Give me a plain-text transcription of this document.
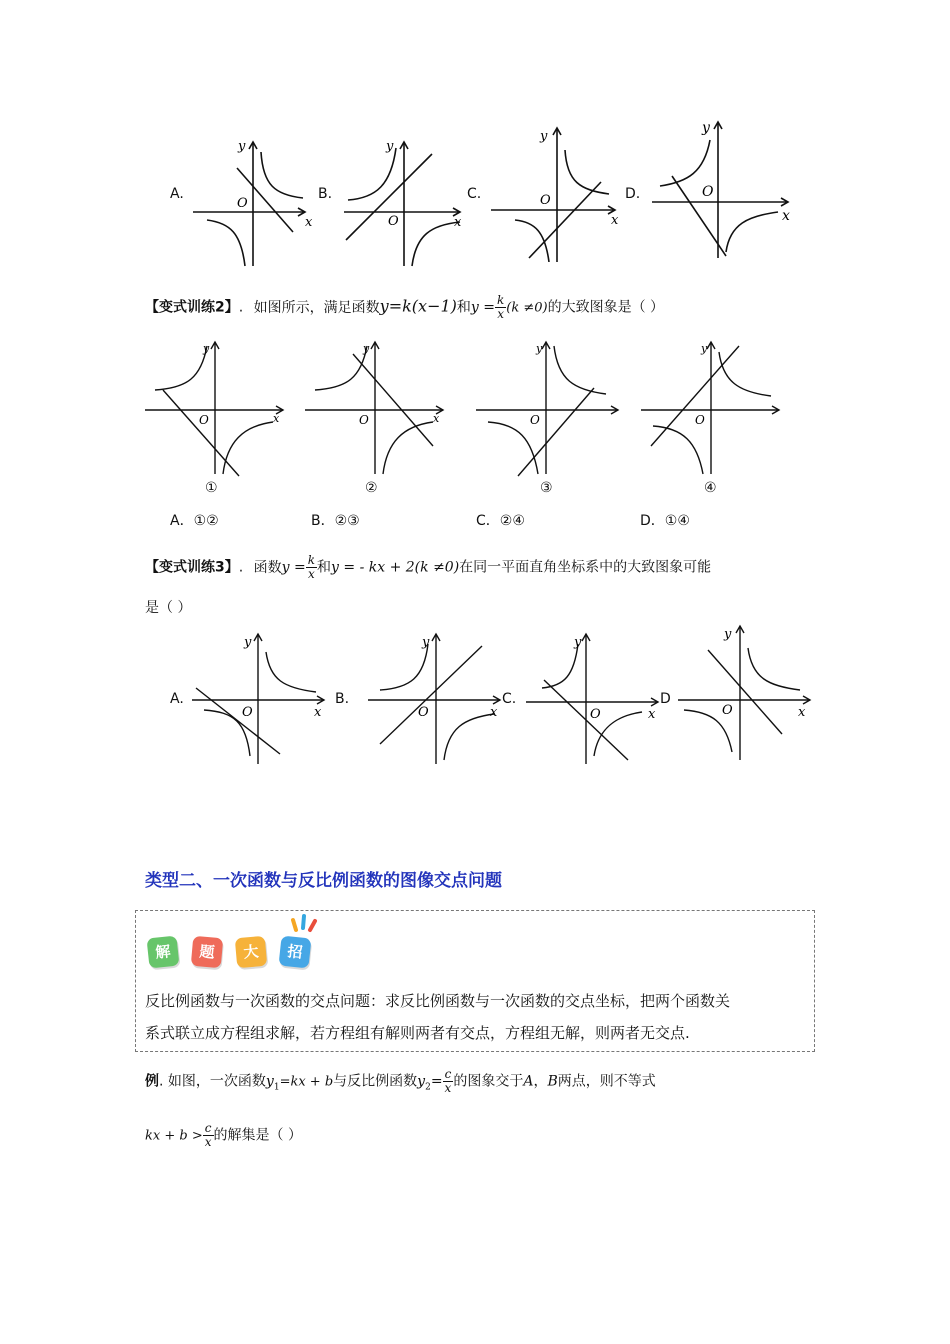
A.	B.	C.	D.
y
x
O
y
x
O
y
x
O
y
x
O
【变式训练2】. 如图所示，满足函数y=k(x−1)和$y = \frac{k}{x} (k \ne 0)$的大致图象是（ ）
y
x
O
y
x
O
y
O
y
O
①	②	③	④
A．①②	B．②③	C．②④	D．①④
【变式训练3】. 函数$y = \frac{k}{x}$ 和y = - kx + 2(k ≠0)在同一平面直角坐标系中的大致图象可能
是（ ）
A.	B.	C.	D
y
x
O
y
x
O
y
x
O
y
x
O
类型二、一次函数与反比例函数的图像交点问题
解	题	大	招
反比例函数与一次函数的交点问题：求反比例函数与一次函数的交点坐标，把两个函数关
系式联立成方程组求解，若方程组有解则两者有交点，方程组无解，则两者无交点.
例. 如图，一次函数$y_1=kx + b$与反比例函数$y_2= \frac{c}{x}$ 的图象交于A，B两点，则不等式
kx + $b > \frac{c}{x}$ 的解集是（ ）
